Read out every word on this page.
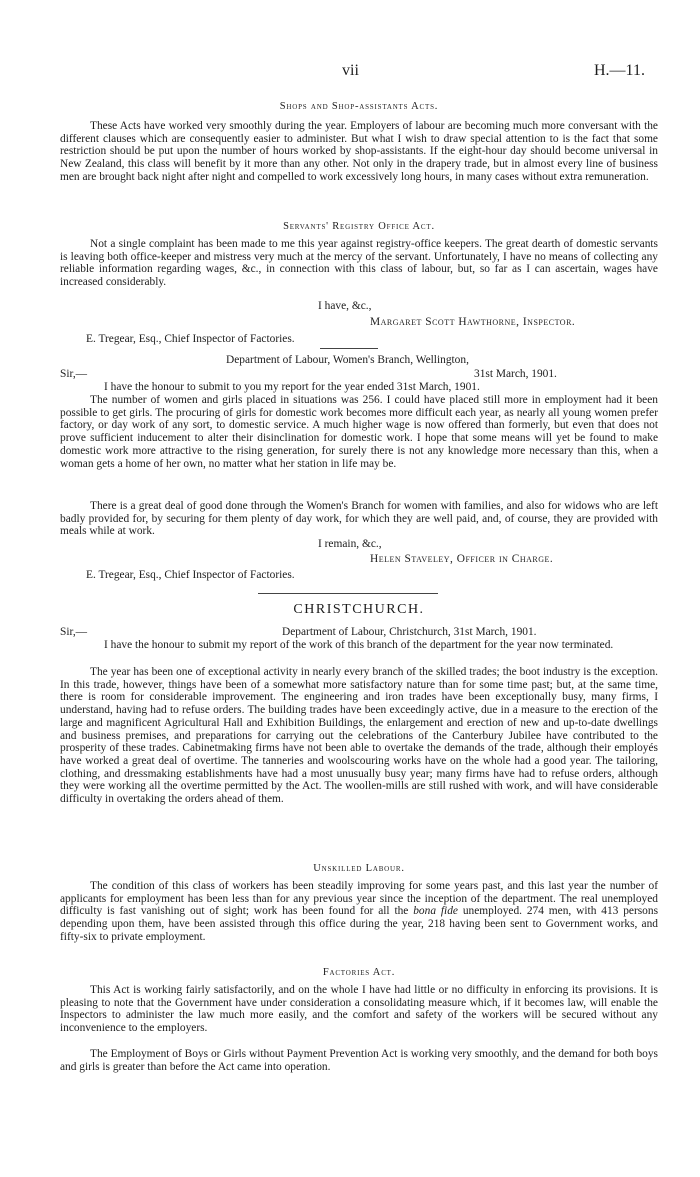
vii	H.—11.

Shops and Shop-assistants Acts.

These Acts have worked very smoothly during the year. Employers of labour are becoming much more conversant with the different clauses which are consequently easier to administer. But what I wish to draw special attention to is the fact that some restriction should be put upon the number of hours worked by shop-assistants. If the eight-hour day should become universal in New Zealand, this class will benefit by it more than any other. Not only in the drapery trade, but in almost every line of business men are brought back night after night and compelled to work excessively long hours, in many cases without extra remuneration.

Servants' Registry Office Act.

Not a single complaint has been made to me this year against registry-office keepers. The great dearth of domestic servants is leaving both office-keeper and mistress very much at the mercy of the servant. Unfortunately, I have no means of collecting any reliable information regarding wages, &c., in connection with this class of labour, but, so far as I can ascertain, wages have increased considerably.

I have, &c.,
Margaret Scott Hawthorne, Inspector.
E. Tregear, Esq., Chief Inspector of Factories.
Department of Labour, Women's Branch, Wellington,
Sir,—	31st March, 1901.

I have the honour to submit to you my report for the year ended 31st March, 1901.

The number of women and girls placed in situations was 256. I could have placed still more in employment had it been possible to get girls. The procuring of girls for domestic work becomes more difficult each year, as nearly all young women prefer factory, or day work of any sort, to domestic service. A much higher wage is now offered than formerly, but even that does not prove sufficient inducement to alter their disinclination for domestic work. I hope that some means will yet be found to make domestic work more attractive to the rising generation, for surely there is not any knowledge more necessary than this, when a woman gets a home of her own, no matter what her station in life may be.

There is a great deal of good done through the Women's Branch for women with families, and also for widows who are left badly provided for, by securing for them plenty of day work, for which they are well paid, and, of course, they are provided with meals while at work.

I remain, &c.,
Helen Staveley, Officer in Charge.
E. Tregear, Esq., Chief Inspector of Factories.

CHRISTCHURCH.

Sir,—	Department of Labour, Christchurch, 31st March, 1901.

I have the honour to submit my report of the work of this branch of the department for the year now terminated.

The year has been one of exceptional activity in nearly every branch of the skilled trades; the boot industry is the exception. In this trade, however, things have been of a somewhat more satisfactory nature than for some time past; but, at the same time, there is room for considerable improvement. The engineering and iron trades have been exceptionally busy, many firms, I understand, having had to refuse orders. The building trades have been exceedingly active, due in a measure to the erection of the large and magnificent Agricultural Hall and Exhibition Buildings, the enlargement and erection of new and up-to-date dwellings and business premises, and preparations for carrying out the celebrations of the Canterbury Jubilee have contributed to the prosperity of these trades. Cabinetmaking firms have not been able to overtake the demands of the trade, although their employés have worked a great deal of overtime. The tanneries and woolscouring works have on the whole had a good year. The tailoring, clothing, and dressmaking establishments have had a most unusually busy year; many firms have had to refuse orders, although they were working all the overtime permitted by the Act. The woollen-mills are still rushed with work, and will have considerable difficulty in overtaking the orders ahead of them.

Unskilled Labour.

The condition of this class of workers has been steadily improving for some years past, and this last year the number of applicants for employment has been less than for any previous year since the inception of the department. The real unemployed difficulty is fast vanishing out of sight; work has been found for all the bona fide unemployed. 274 men, with 413 persons depending upon them, have been assisted through this office during the year, 218 having been sent to Government works, and fifty-six to private employment.

Factories Act.

This Act is working fairly satisfactorily, and on the whole I have had little or no difficulty in enforcing its provisions. It is pleasing to note that the Government have under consideration a consolidating measure which, if it becomes law, will enable the Inspectors to administer the law much more easily, and the comfort and safety of the workers will be secured without any inconvenience to the employers.

The Employment of Boys or Girls without Payment Prevention Act is working very smoothly, and the demand for both boys and girls is greater than before the Act came into operation.
